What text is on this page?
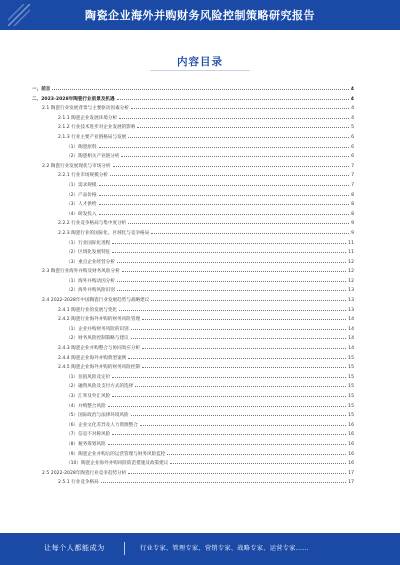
陶瓷企业海外并购财务风险控制策略研究报告
内容目录
一、前言	4
二、2023-2028年陶瓷行业前景及机遇	4
2.1 陶瓷行业发展背景与主要驱动因素分析	4
2.1.1 陶瓷企业发展环境分析	4
2.1.2 行业技术进步对企业发展的影响	5
2.1.3 行业主要产业链格局与发展	6
（1）陶瓷原料	6
（2）陶瓷相关产业链分析	6
2.2 陶瓷行业发展现状与市场分析	7
2.2.1 行业市场规模分析	7
（1）需求规模	7
（2）产品价格	8
（3）人才供给	8
（4）研发投入	8
2.2.2 行业竞争格局与集中度分析	9
2.2.3 陶瓷行业的国际化、区域化与竞争格局	9
（1）行业国际化进程	11
（2）区域化发展特征	11
（3）重点企业经营分析	12
2.3 陶瓷行业海外并购及财务风险分析	12
（1）海外并购动因分析	12
（2）海外并购风险识别	13
2.4 2022-2028年中国陶瓷行业发展趋势与战略建议	13
2.4.1 陶瓷行业的发展与变化	13
2.4.2 陶瓷行业海外并购的财务风险管理	14
（1）企业并购财务风险的识别	14
（2）财务风险控制策略与建议	14
2.4.3 陶瓷企业并购整合与协同效应分析	14
2.4.4 陶瓷企业海外并购典型案例	15
2.4.5 陶瓷企业海外并购的财务风险控制	15
（1）估值风险及定价	15
（2）融资风险及支付方式的选择	15
（3）汇率及外汇风险	15
（4）并购整合风险	15
（5）国际政治与法律环境风险	15
（6）企业文化差异及人力资源整合	16
（7）信息不对称风险	16
（8）税务筹划风险	16
（9）陶瓷企业并购后的运营管理与财务风险监控	16
（10）陶瓷企业海外并购风险防范措施及政策建议	16
2.5 2022-2028年陶瓷行业竞争趋势分析	17
2.5.1 行业竞争格局	17
让每个人都能成为	行业专家、管理专家、营销专家、战略专家、运营专家……
